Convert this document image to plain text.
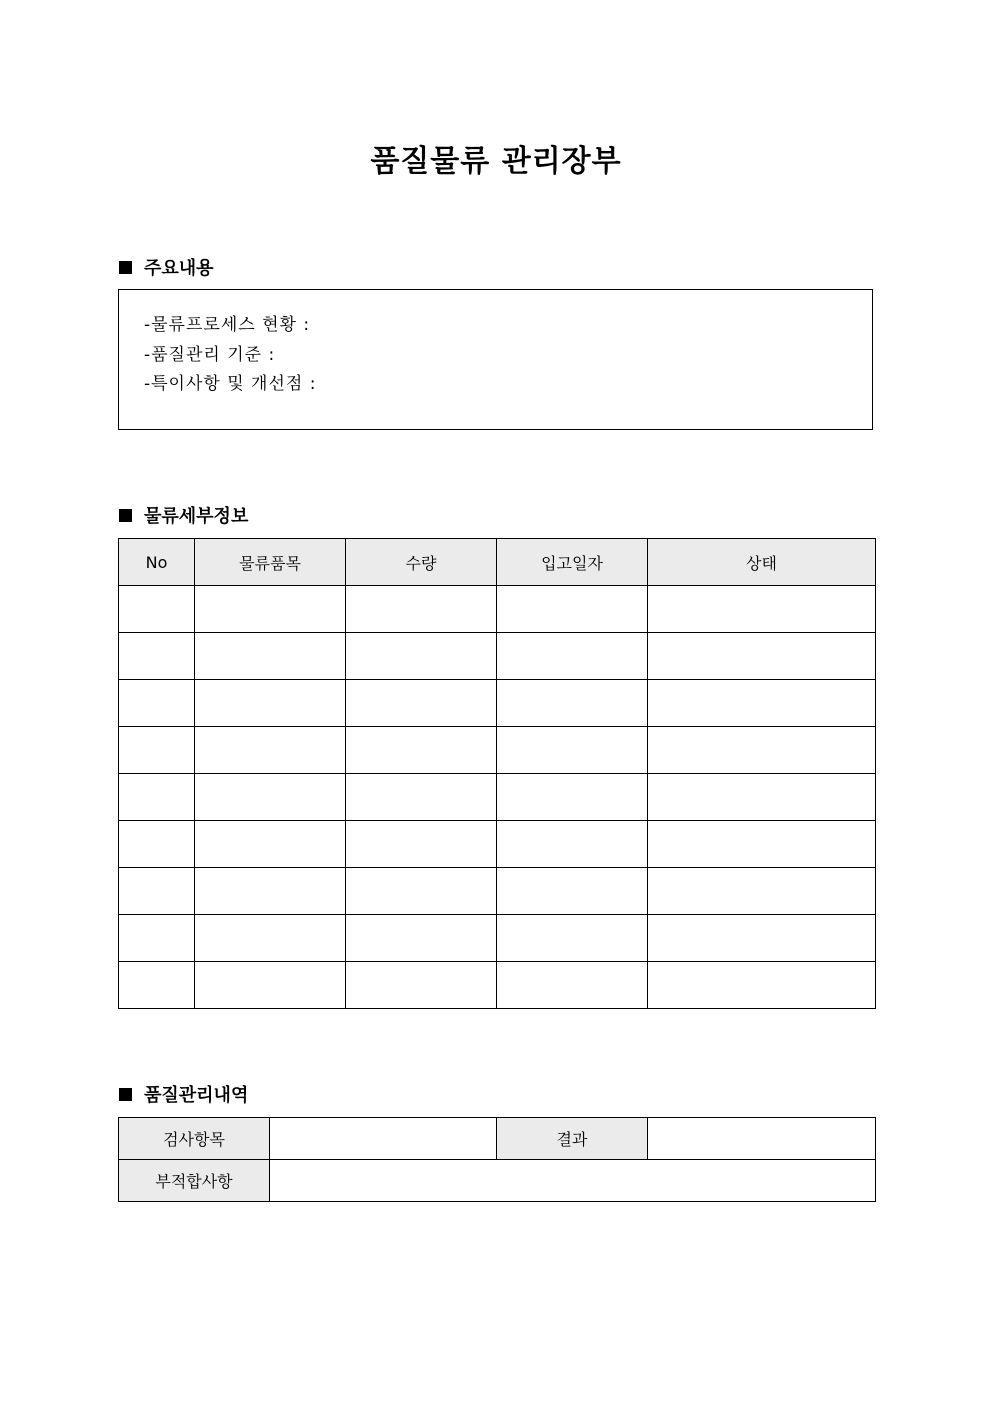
품질물류 관리장부
주요내용
-물류프로세스 현황 :
-품질관리 기준 :
-특이사항 및 개선점 :
물류세부정보
No	물류품목	수량	입고일자	상태

품질관리내역
검사항목		결과	
부적합사항			
